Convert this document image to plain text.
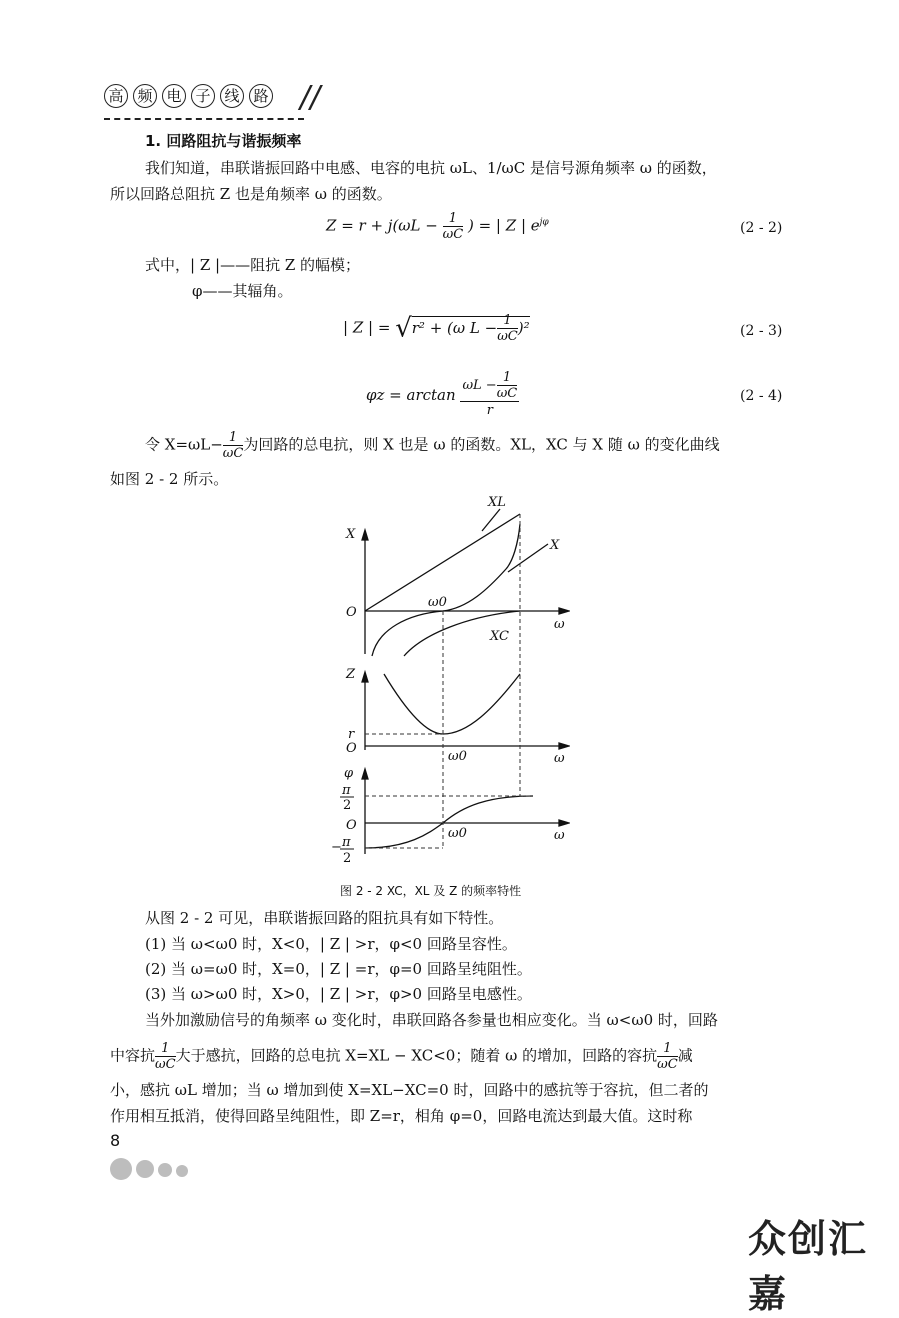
高 频 电 子 线 路	//
1. 回路阻抗与谐振频率
我们知道，串联谐振回路中电感、电容的电抗 ωL、1/ωC 是信号源角频率 ω 的函数，
所以回路总阻抗 Z 也是角频率 ω 的函数。
$Z = r + j(\omega L - \frac{1}{\omega C}$ ) = | Z | $e^{j\varphi}$	(2 - 2)
式中，| Z |——阻抗 Z 的幅模；
φ——其辐角。
| Z | = √r² + (ω $L - \frac{1}{\omega C} )^2$	(2 - 3)
$\varphi z = \arctan \frac{\omega L - \frac{1}{\omega C}}{r}$	(2 - 4)
令 $X=\omega L- \frac{1}{\omega C}$ 为回路的总电抗，则 X 也是 ω 的函数。XL，XC 与 X 随 ω 的变化曲线
如图 2 - 2 所示。
X
XL
X
XC
O
ω
ω0
Z
r
O
ω
ω0
φ
π
2
O
ω
ω0
− π
2
图 2 - 2 XC，XL 及 Z 的频率特性
从图 2 - 2 可见，串联谐振回路的阻抗具有如下特性。
(1) 当 ω<ω0 时，X<0，| Z | >r，φ<0 回路呈容性。
(2) 当 ω=ω0 时，X=0，| Z | =r，φ=0 回路呈纯阻性。
(3) 当 ω>ω0 时，X>0，| Z | >r，φ>0 回路呈电感性。
当外加激励信号的角频率 ω 变化时，串联回路各参量也相应变化。当 ω<ω0 时，回路
中容抗 $\frac{1}{\omega C}$ 大于感抗，回路的总电抗 X=XL − XC<0；随着 ω 的增加，回路的容抗 $\frac{1}{\omega C}$ 减
小，感抗 ωL 增加；当 ω 增加到使 X=XL−XC=0 时，回路中的感抗等于容抗，但二者的
作用相互抵消，使得回路呈纯阻性，即 Z=r，相角 φ=0，回路电流达到最大值。这时称
8
众创汇嘉
